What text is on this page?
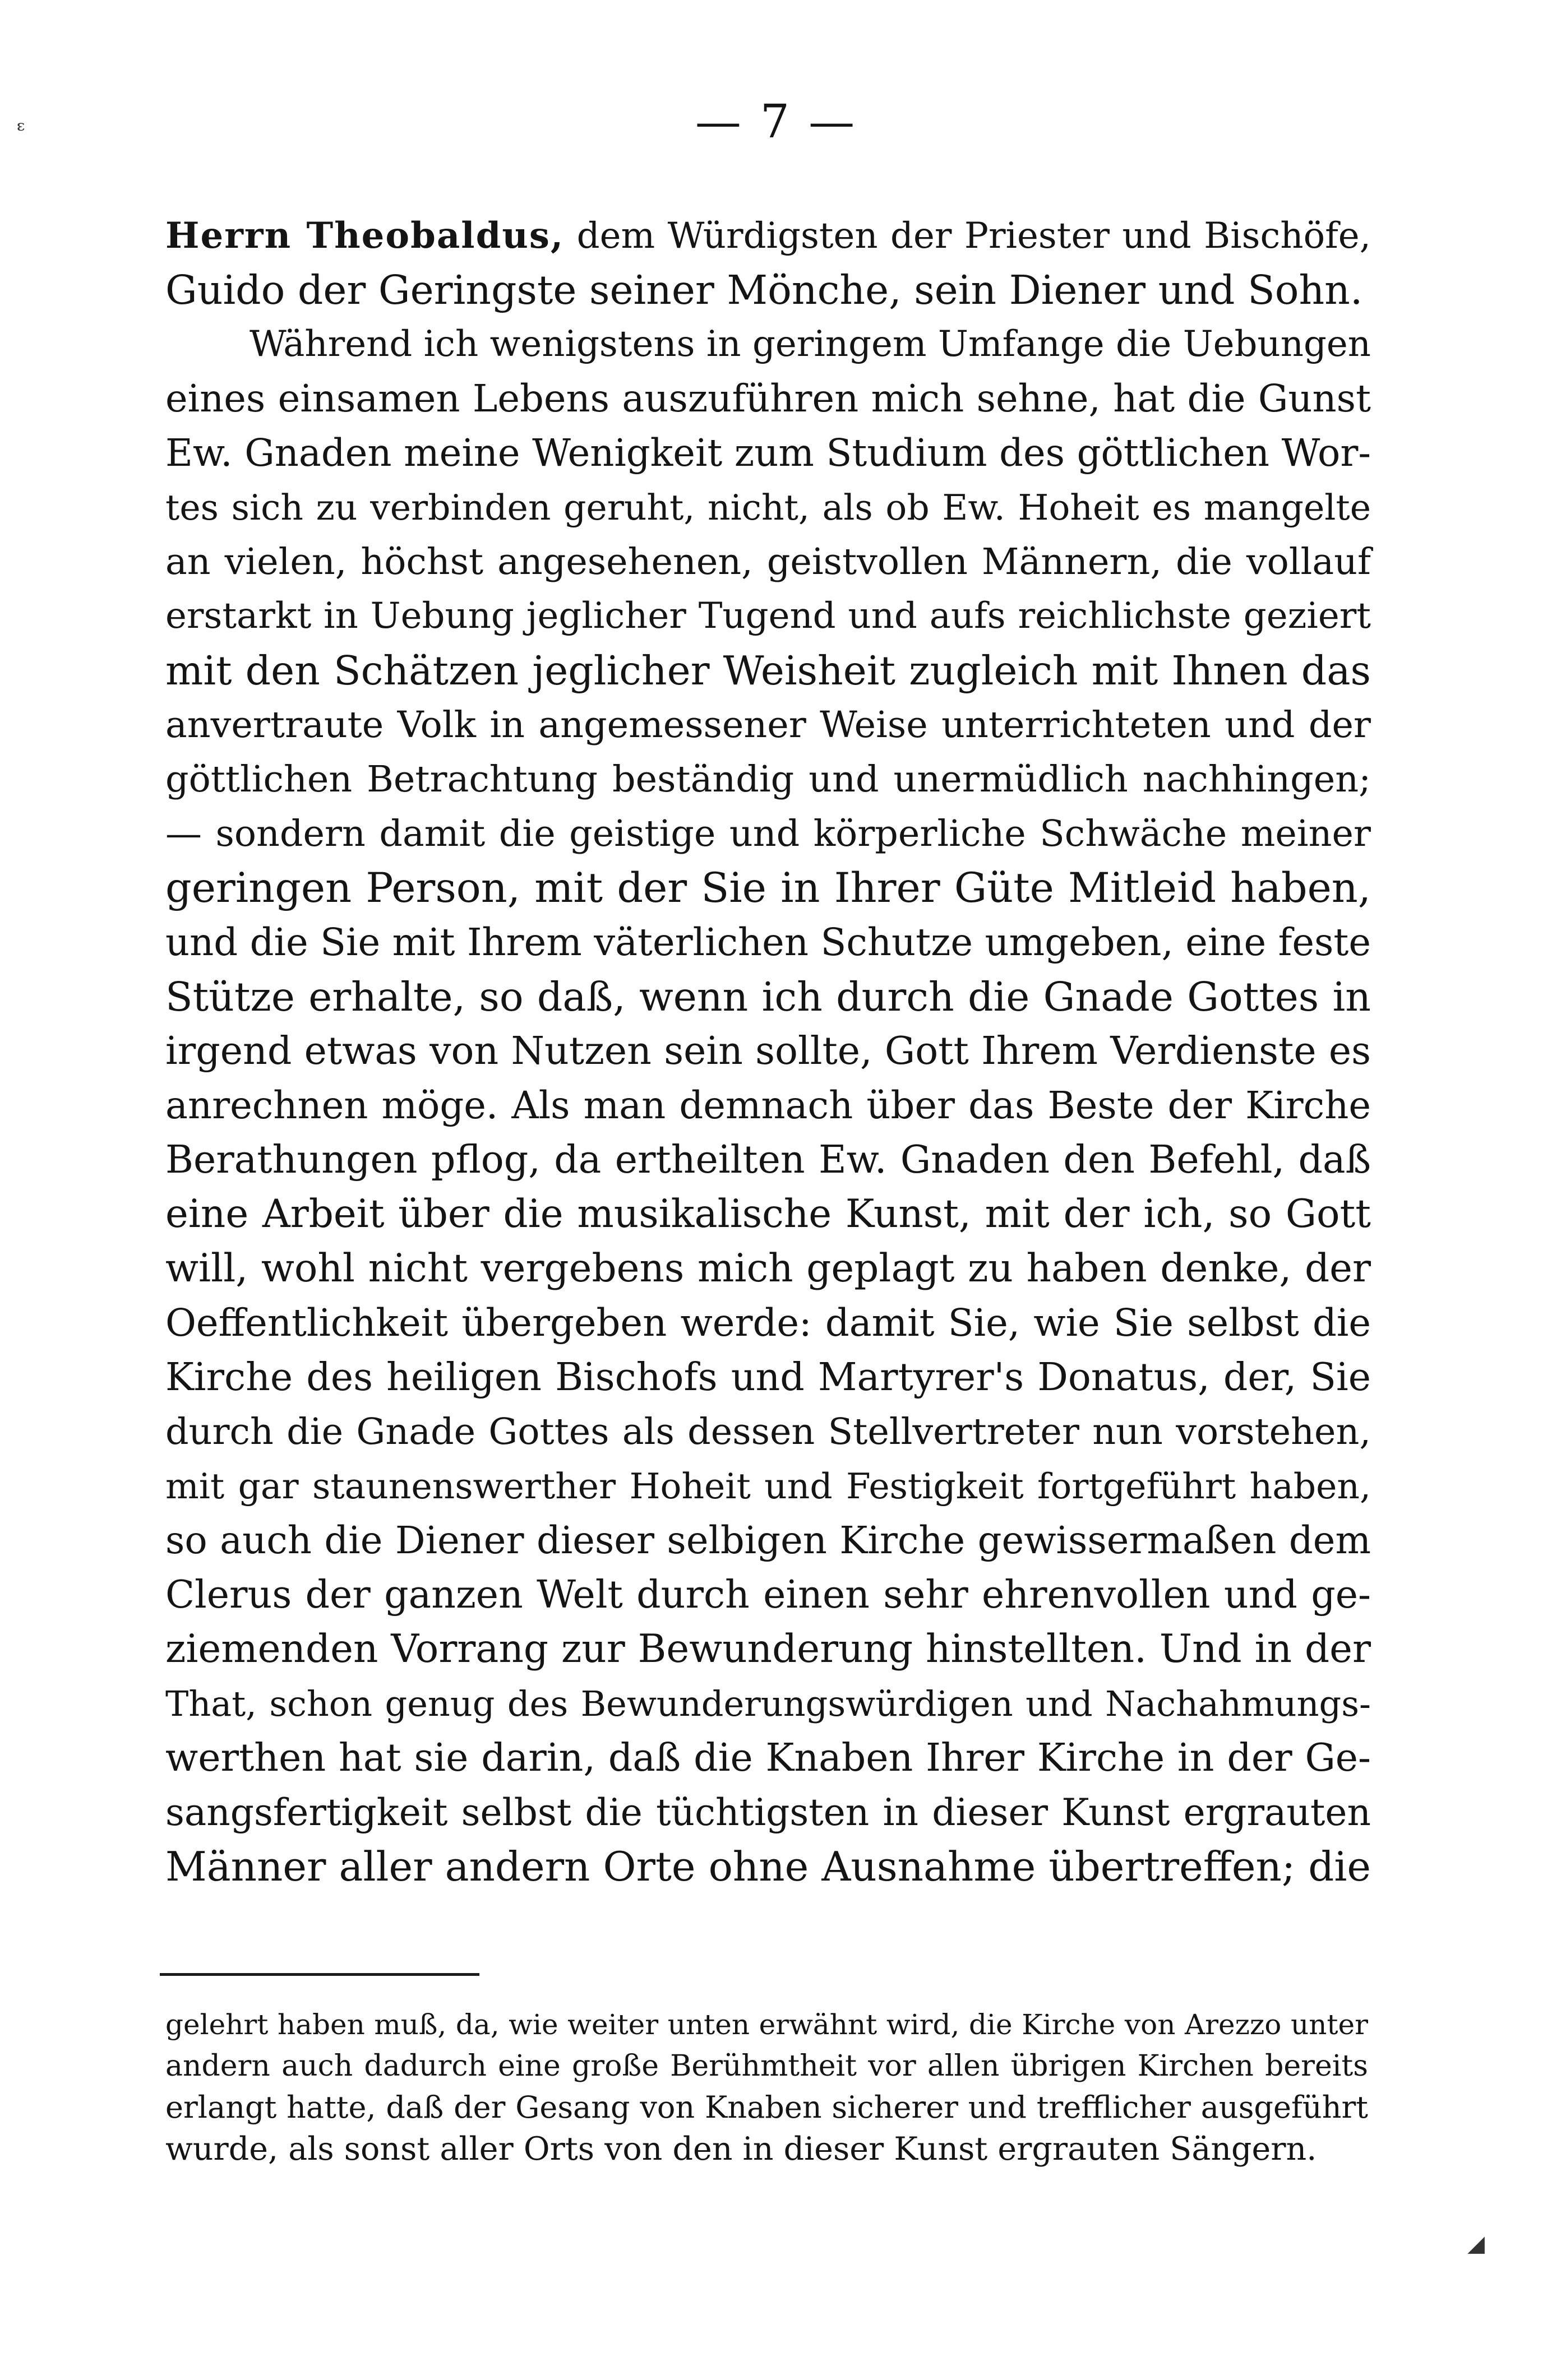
ᵋ	— 7 —
Herrn Theobaldus, dem Würdigsten der Priester und Bischöfe,
Guido der Geringste seiner Mönche, sein Diener und Sohn.
Während ich wenigstens in geringem Umfange die Uebungen
eines einsamen Lebens auszuführen mich sehne, hat die Gunst
Ew. Gnaden meine Wenigkeit zum Studium des göttlichen Wor-
tes sich zu verbinden geruht, nicht, als ob Ew. Hoheit es mangelte
an vielen, höchst angesehenen, geistvollen Männern, die vollauf
erstarkt in Uebung jeglicher Tugend und aufs reichlichste geziert
mit den Schätzen jeglicher Weisheit zugleich mit Ihnen das
anvertraute Volk in angemessener Weise unterrichteten und der
göttlichen Betrachtung beständig und unermüdlich nachhingen;
— sondern damit die geistige und körperliche Schwäche meiner
geringen Person, mit der Sie in Ihrer Güte Mitleid haben,
und die Sie mit Ihrem väterlichen Schutze umgeben, eine feste
Stütze erhalte, so daß, wenn ich durch die Gnade Gottes in
irgend etwas von Nutzen sein sollte, Gott Ihrem Verdienste es
anrechnen möge. Als man demnach über das Beste der Kirche
Berathungen pflog, da ertheilten Ew. Gnaden den Befehl, daß
eine Arbeit über die musikalische Kunst, mit der ich, so Gott
will, wohl nicht vergebens mich geplagt zu haben denke, der
Oeffentlichkeit übergeben werde: damit Sie, wie Sie selbst die
Kirche des heiligen Bischofs und Martyrer's Donatus, der, Sie
durch die Gnade Gottes als dessen Stellvertreter nun vorstehen,
mit gar staunenswerther Hoheit und Festigkeit fortgeführt haben,
so auch die Diener dieser selbigen Kirche gewissermaßen dem
Clerus der ganzen Welt durch einen sehr ehrenvollen und ge-
ziemenden Vorrang zur Bewunderung hinstellten. Und in der
That, schon genug des Bewunderungswürdigen und Nachahmungs-
werthen hat sie darin, daß die Knaben Ihrer Kirche in der Ge-
sangsfertigkeit selbst die tüchtigsten in dieser Kunst ergrauten
Männer aller andern Orte ohne Ausnahme übertreffen; die
gelehrt haben muß, da, wie weiter unten erwähnt wird, die Kirche von Arezzo unter
andern auch dadurch eine große Berühmtheit vor allen übrigen Kirchen bereits
erlangt hatte, daß der Gesang von Knaben sicherer und trefflicher ausgeführt
wurde, als sonst aller Orts von den in dieser Kunst ergrauten Sängern.
◢
